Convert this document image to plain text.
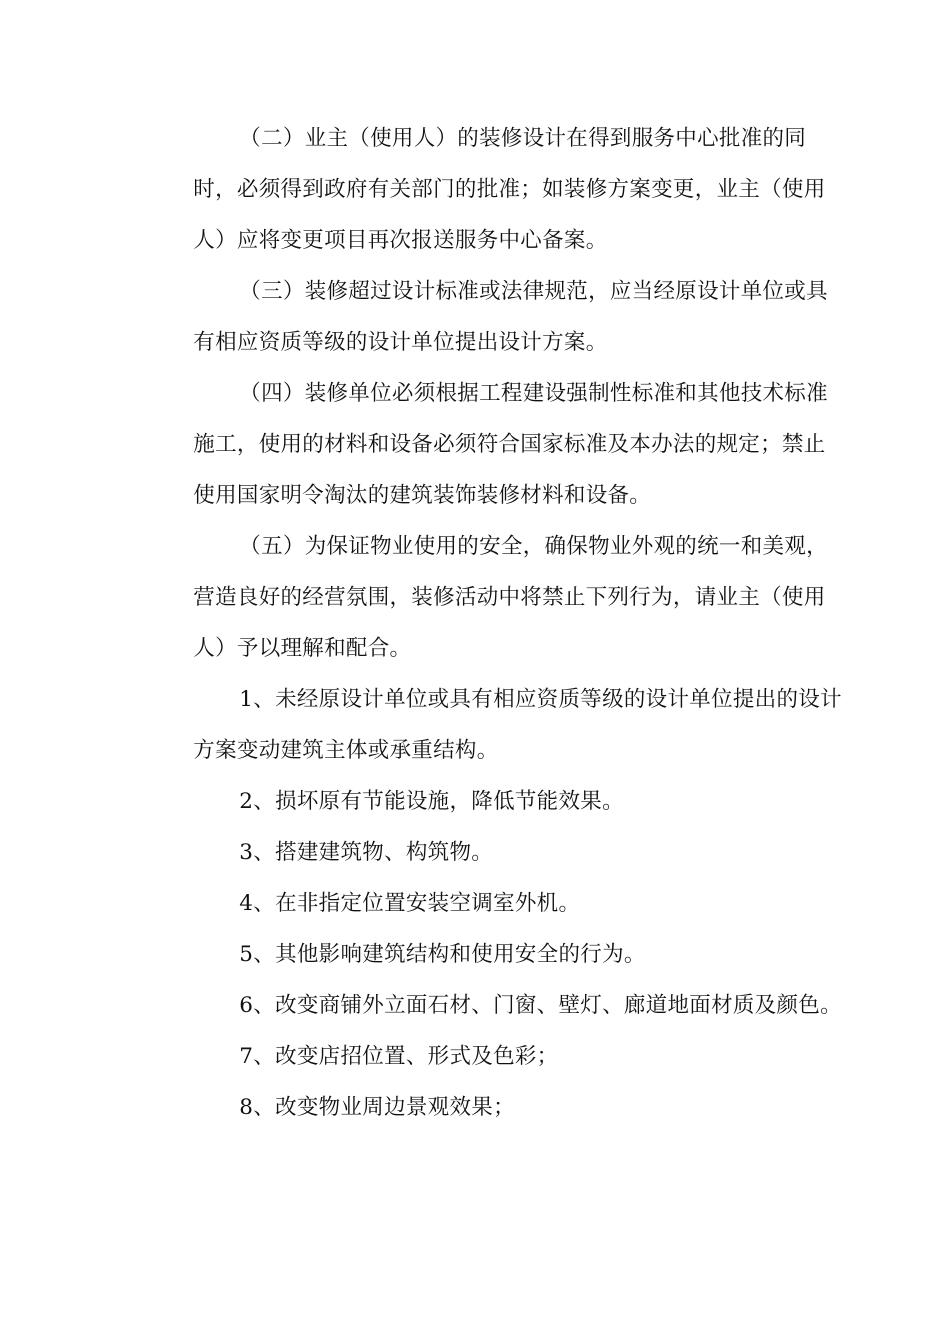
（二）业主（使用人）的装修设计在得到服务中心批准的同
时，必须得到政府有关部门的批准；如装修方案变更，业主（使用
人）应将变更项目再次报送服务中心备案。
（三）装修超过设计标准或法律规范，应当经原设计单位或具
有相应资质等级的设计单位提出设计方案。
（四）装修单位必须根据工程建设强制性标准和其他技术标准
施工，使用的材料和设备必须符合国家标准及本办法的规定；禁止
使用国家明令淘汰的建筑装饰装修材料和设备。
（五）为保证物业使用的安全，确保物业外观的统一和美观，
营造良好的经营氛围，装修活动中将禁止下列行为，请业主（使用
人）予以理解和配合。
1、未经原设计单位或具有相应资质等级的设计单位提出的设计
方案变动建筑主体或承重结构。
2、损坏原有节能设施，降低节能效果。
3、搭建建筑物、构筑物。
4、在非指定位置安装空调室外机。
5、其他影响建筑结构和使用安全的行为。
6、改变商铺外立面石材、门窗、壁灯、廊道地面材质及颜色。
7、改变店招位置、形式及色彩；
8、改变物业周边景观效果；
